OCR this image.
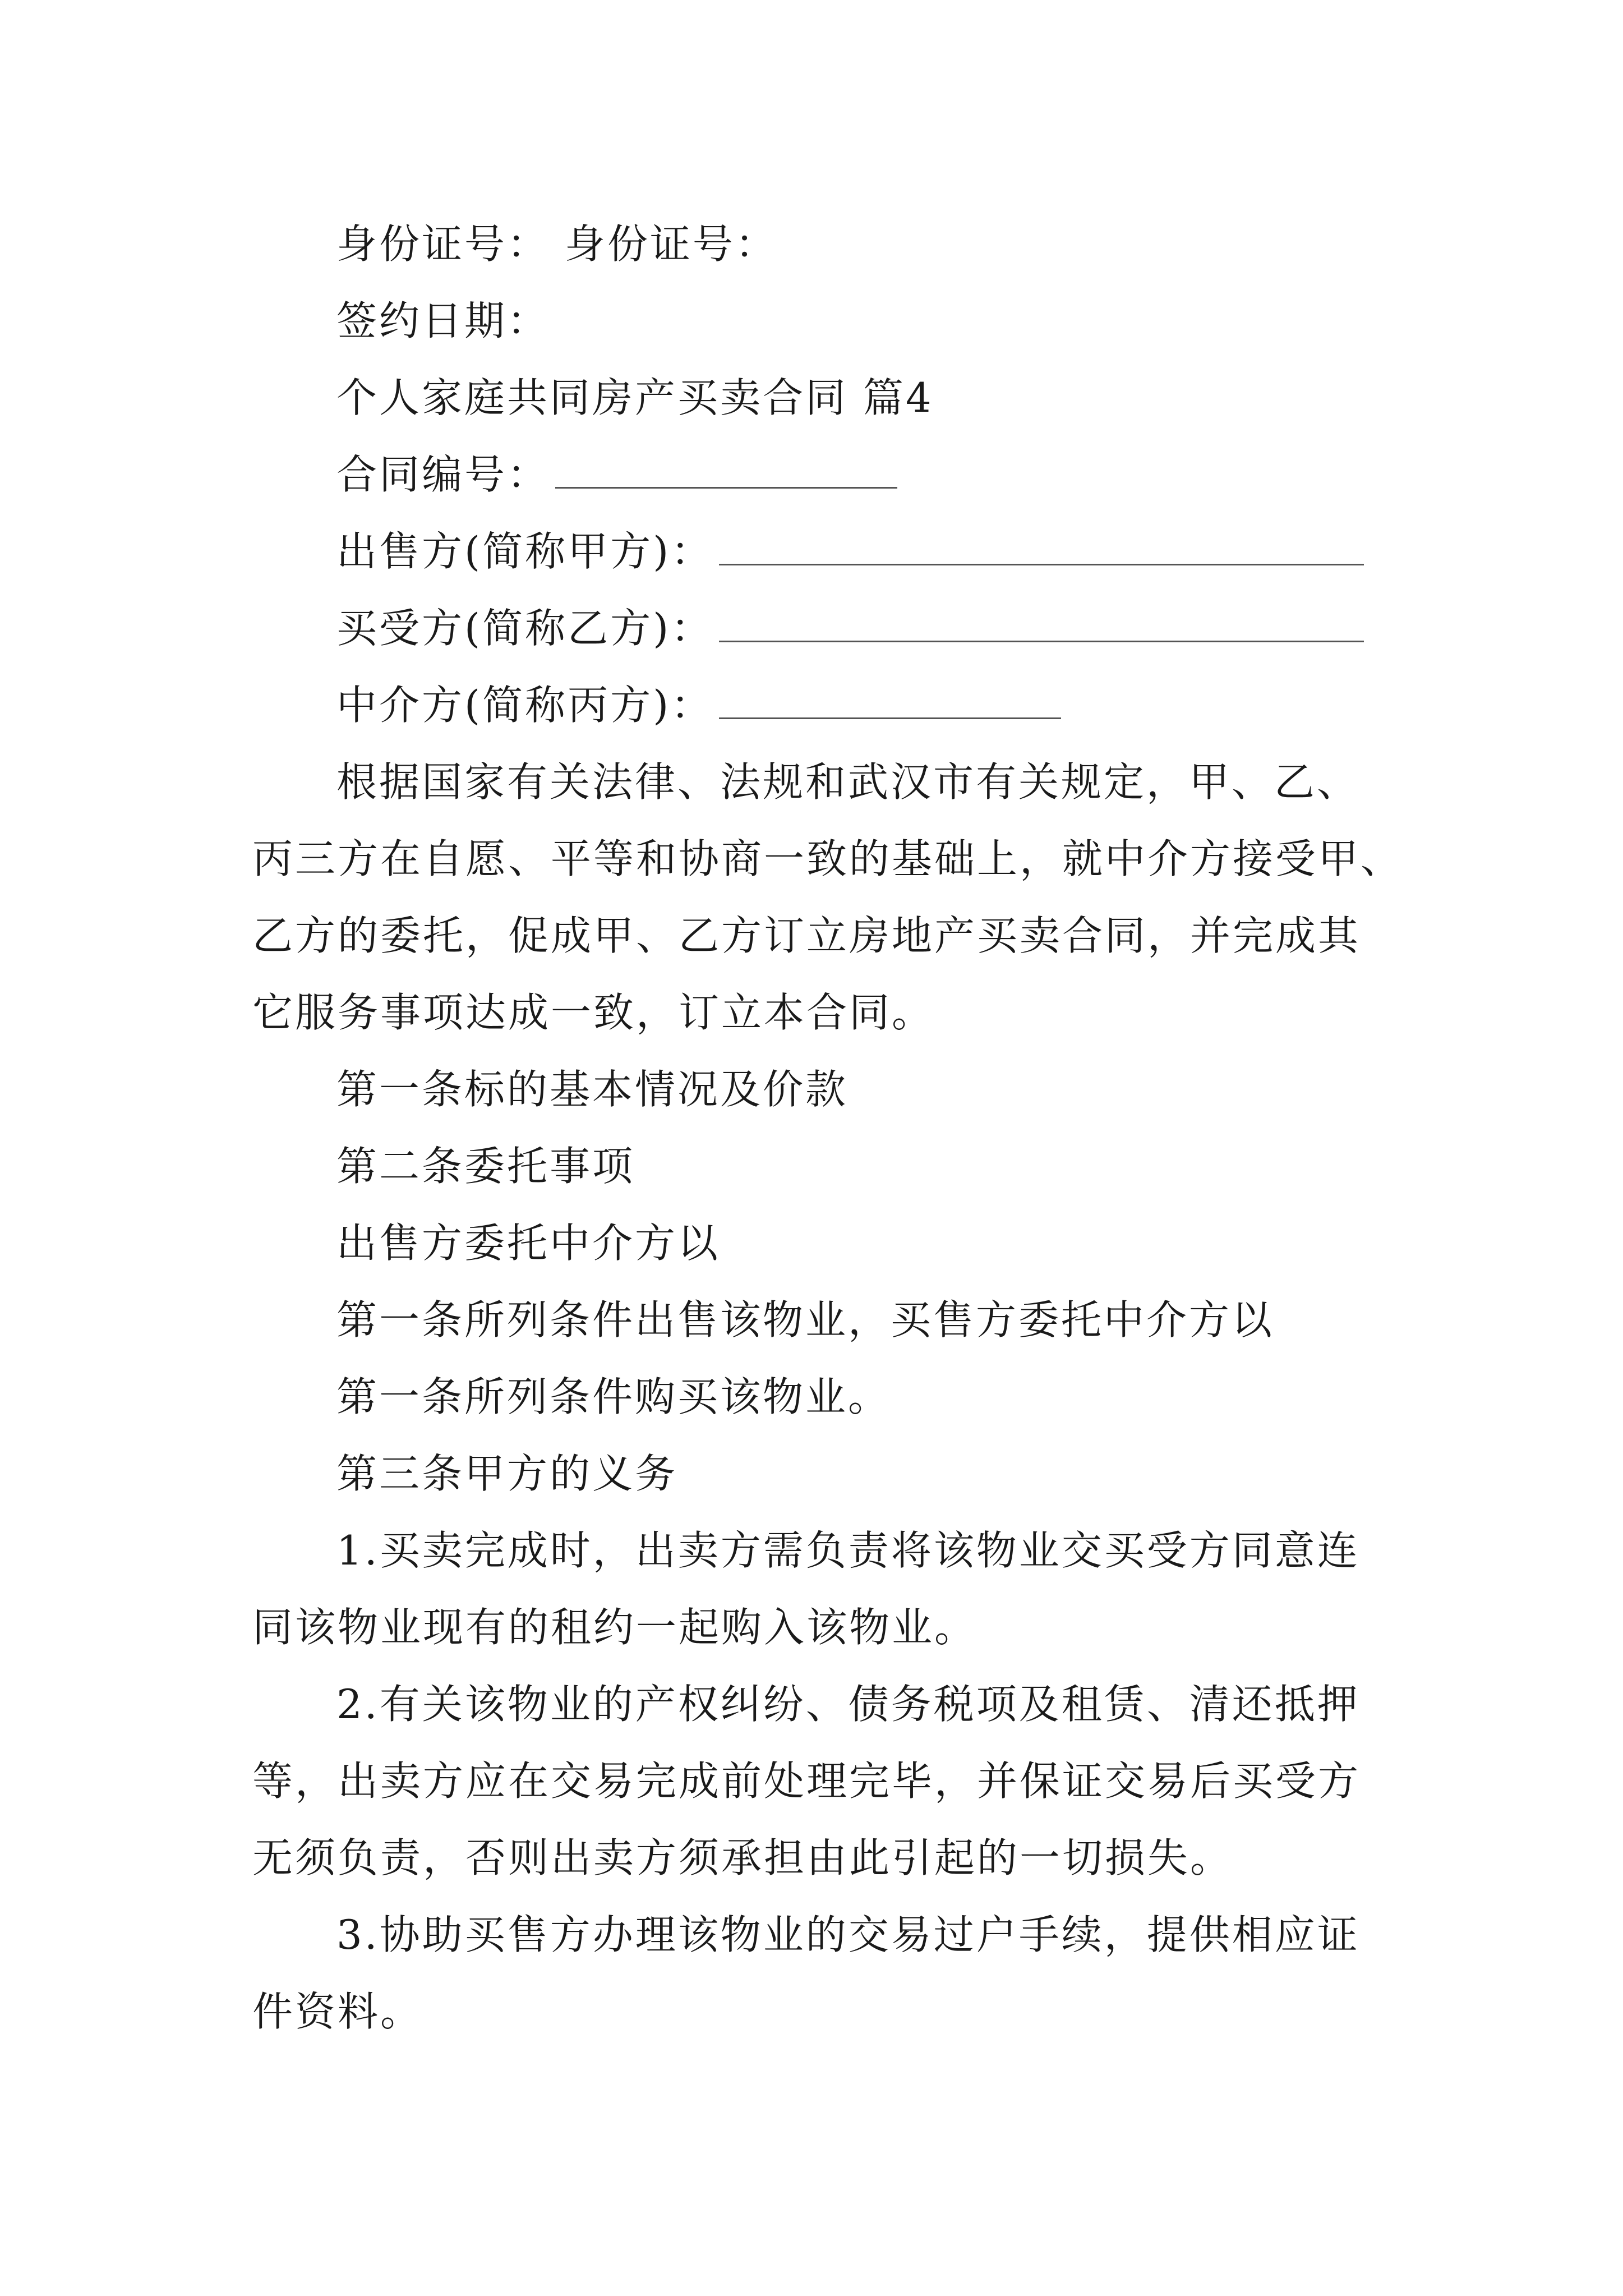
身份证号： 身份证号：
签约日期：
个人家庭共同房产买卖合同 篇4
合同编号：
出售方(简称甲方)：
买受方(简称乙方)：
中介方(简称丙方)：
根据国家有关法律、法规和武汉市有关规定，甲、乙、
丙三方在自愿、平等和协商一致的基础上，就中介方接受甲、
乙方的委托，促成甲、乙方订立房地产买卖合同，并完成其
它服务事项达成一致，订立本合同。
第一条标的基本情况及价款
第二条委托事项
出售方委托中介方以
第一条所列条件出售该物业，买售方委托中介方以
第一条所列条件购买该物业。
第三条甲方的义务
1.买卖完成时，出卖方需负责将该物业交买受方同意连
同该物业现有的租约一起购入该物业。
2.有关该物业的产权纠纷、债务税项及租赁、清还抵押
等，出卖方应在交易完成前处理完毕，并保证交易后买受方
无须负责，否则出卖方须承担由此引起的一切损失。
3.协助买售方办理该物业的交易过户手续，提供相应证
件资料。
